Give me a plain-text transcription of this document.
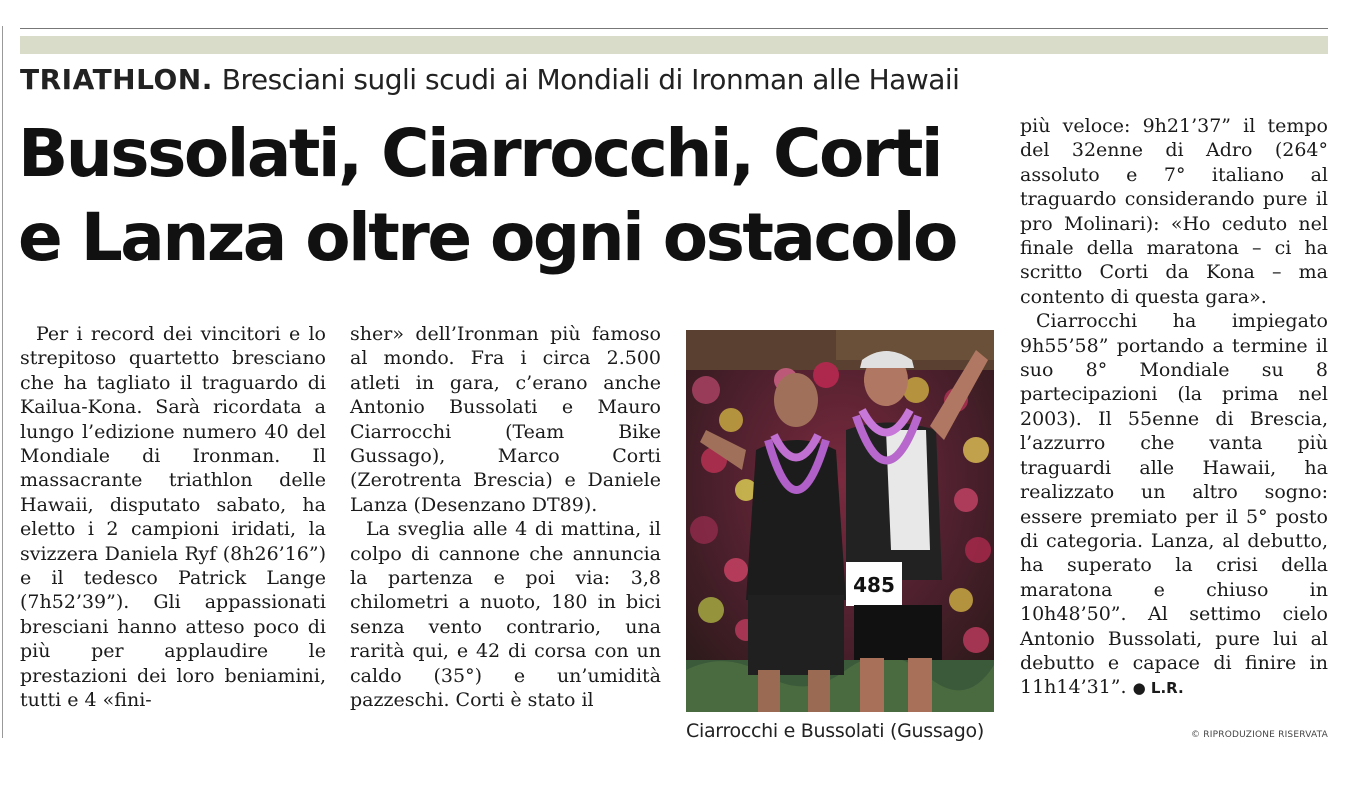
TRIATHLON. Bresciani sugli scudi ai Mondiali di Ironman alle Hawaii
Bussolati, Ciarrocchi, Corti
e Lanza oltre ogni ostacolo

Per i record dei vincitori e lo strepitoso quartetto bresciano che ha tagliato il traguardo di Kailua-Kona. Sarà ricordata a lungo l’edizione numero 40 del Mondiale di Ironman. Il massacrante triathlon delle Hawaii, disputato sabato, ha eletto i 2 campioni iridati, la svizzera Daniela Ryf (8h26’16”) e il tedesco Patrick Lange (7h52’39”). Gli appassionati bresciani hanno atteso poco di più per applaudire le prestazioni dei loro beniamini, tutti e 4 «fini-

sher» dell’Ironman più famoso al mondo. Fra i circa 2.500 atleti in gara, c’erano anche Antonio Bussolati e Mauro Ciarrocchi (Team Bike Gussago), Marco Corti (Zerotrenta Brescia) e Daniele Lanza (Desenzano DT89).

La sveglia alle 4 di mattina, il colpo di cannone che annuncia la partenza e poi via: 3,8 chilometri a nuoto, 180 in bici senza vento contrario, una rarità qui, e 42 di corsa con un caldo (35°) e un’umidità pazzeschi. Corti è stato il

più veloce: 9h21’37” il tempo del 32enne di Adro (264° assoluto e 7° italiano al traguardo considerando pure il pro Molinari): «Ho ceduto nel finale della maratona – ci ha scritto Corti da Kona – ma contento di questa gara».

Ciarrocchi ha impiegato 9h55’58” portando a termine il suo 8° Mondiale su 8 partecipazioni (la prima nel 2003). Il 55enne di Brescia, l’azzurro che vanta più traguardi alle Hawaii, ha realizzato un altro sogno: essere premiato per il 5° posto di categoria. Lanza, al debutto, ha superato la crisi della maratona e chiuso in 10h48’50”. Al settimo cielo Antonio Bussolati, pure lui al debutto e capace di finire in 11h14’31”. ● L.R.

485
Ciarrocchi e Bussolati (Gussago)	© RIPRODUZIONE RISERVATA
